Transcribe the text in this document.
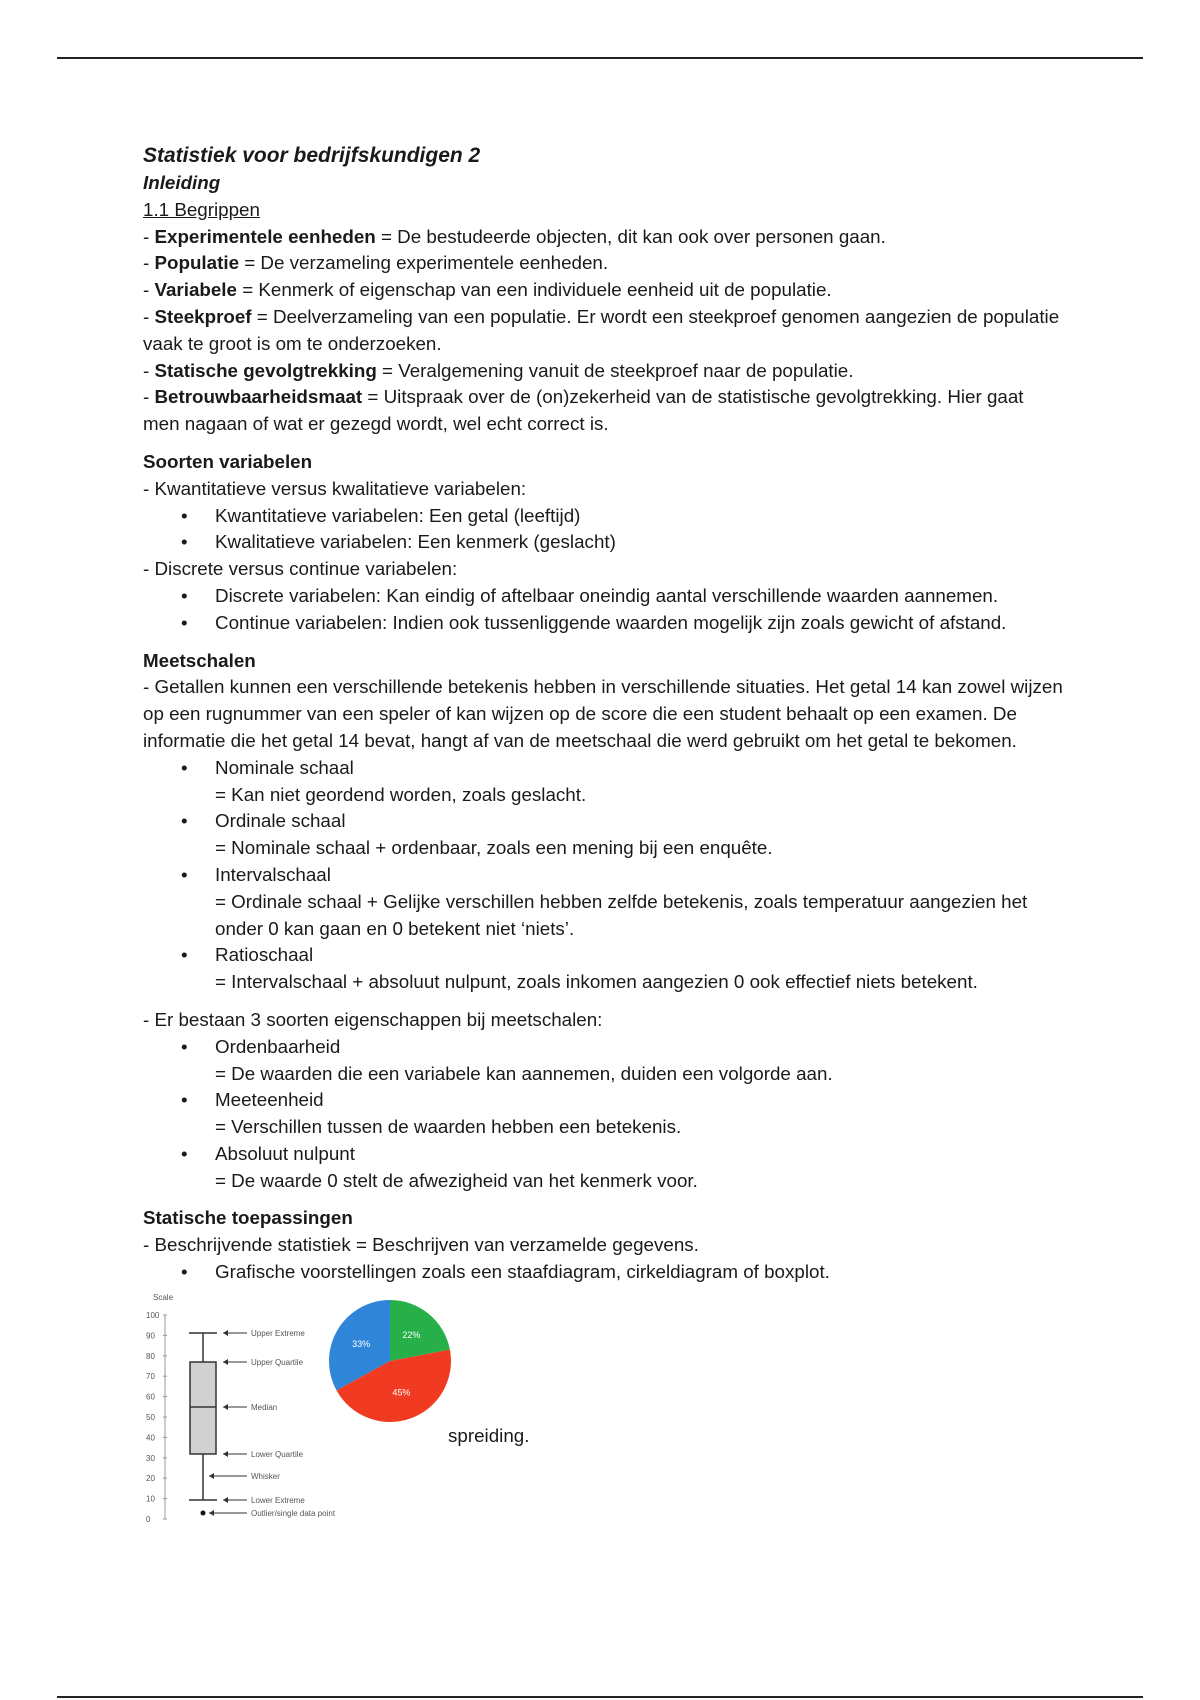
Statistiek voor bedrijfskundigen 2
Inleiding
1.1 Begrippen

- Experimentele eenheden = De bestudeerde objecten, dit kan ook over personen gaan.

- Populatie = De verzameling experimentele eenheden.

- Variabele = Kenmerk of eigenschap van een individuele eenheid uit de populatie.

- Steekproef = Deelverzameling van een populatie. Er wordt een steekproef genomen aangezien de populatie vaak te groot is om te onderzoeken.

- Statische gevolgtrekking = Veralgemening vanuit de steekproef naar de populatie.

- Betrouwbaarheidsmaat = Uitspraak over de (on)zekerheid van de statistische gevolgtrekking. Hier gaat men nagaan of wat er gezegd wordt, wel echt correct is.

Soorten variabelen

- Kwantitatieve versus kwalitatieve variabelen:

• Kwantitatieve variabelen: Een getal (leeftijd)
• Kwalitatieve variabelen: Een kenmerk (geslacht)

- Discrete versus continue variabelen:

• Discrete variabelen: Kan eindig of aftelbaar oneindig aantal verschillende waarden aannemen.
• Continue variabelen: Indien ook tussenliggende waarden mogelijk zijn zoals gewicht of afstand.
Meetschalen

- Getallen kunnen een verschillende betekenis hebben in verschillende situaties. Het getal 14 kan zowel wijzen op een rugnummer van een speler of kan wijzen op de score die een student behaalt op een examen. De informatie die het getal 14 bevat, hangt af van de meetschaal die werd gebruikt om het getal te bekomen.

• Nominale schaal
= Kan niet geordend worden, zoals geslacht.
• Ordinale schaal
= Nominale schaal + ordenbaar, zoals een mening bij een enquête.
• Intervalschaal
= Ordinale schaal + Gelijke verschillen hebben zelfde betekenis, zoals temperatuur aangezien het onder 0 kan gaan en 0 betekent niet ‘niets’.
• Ratioschaal
= Intervalschaal + absoluut nulpunt, zoals inkomen aangezien 0 ook effectief niets betekent.

- Er bestaan 3 soorten eigenschappen bij meetschalen:

• Ordenbaarheid
= De waarden die een variabele kan aannemen, duiden een volgorde aan.
• Meeteenheid
= Verschillen tussen de waarden hebben een betekenis.
• Absoluut nulpunt
= De waarde 0 stelt de afwezigheid van het kenmerk voor.
Statische toepassingen

- Beschrijvende statistiek = Beschrijven van verzamelde gegevens.

• Grafische voorstellingen zoals een staafdiagram, cirkeldiagram of boxplot.
Scale
0
10
20
30
40
50
60
70
80
90
100
Upper Extreme
Upper Quartile
Median
Lower Quartile
Whisker
Lower Extreme
Outlier/single data point
33%
22%
45%
spreiding.
